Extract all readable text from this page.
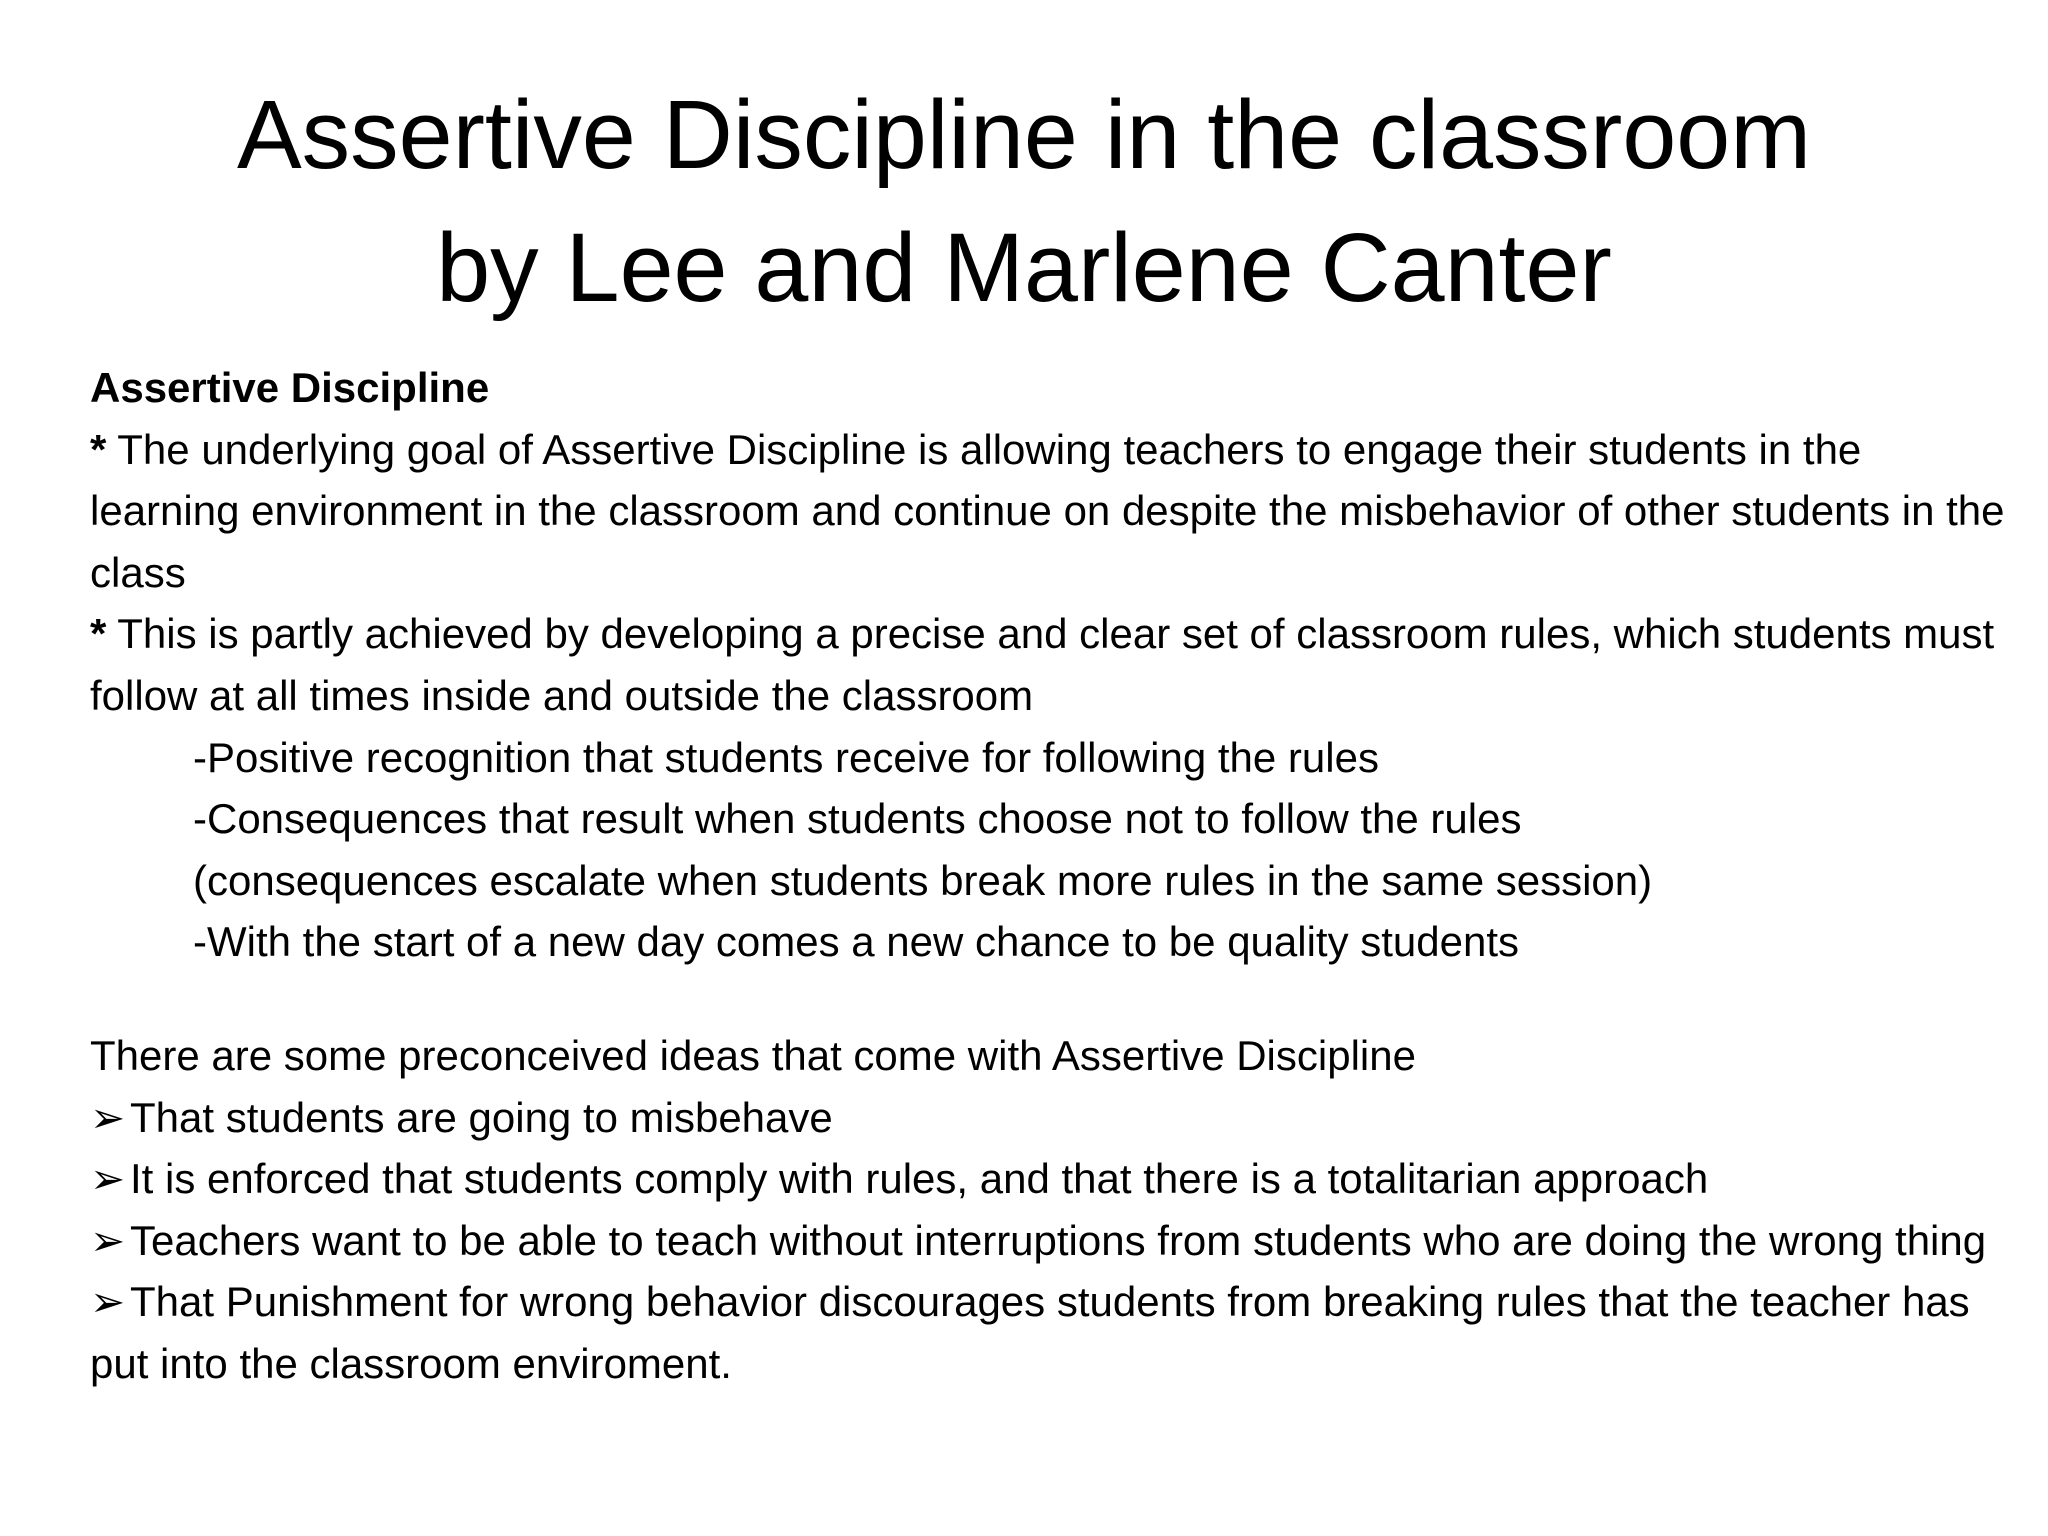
Assertive Discipline in the classroom
by Lee and Marlene Canter

Assertive Discipline

* The underlying goal of Assertive Discipline is allowing teachers to engage their students in the learning environment in the classroom and continue on despite the misbehavior of other students in the class

* This is partly achieved by developing a precise and clear set of classroom rules, which students must follow at all times inside and outside the classroom

-Positive recognition that students receive for following the rules

-Consequences that result when students choose not to follow the rules

(consequences escalate when students break more rules in the same session)

-With the start of a new day comes a new chance to be quality students

There are some preconceived ideas that come with Assertive Discipline

➢ That students are going to misbehave

➢ It is enforced that students comply with rules, and that there is a totalitarian approach

➢ Teachers want to be able to teach without interruptions from students who are doing the wrong thing

➢ That Punishment for wrong behavior discourages students from breaking rules that the teacher has put into the classroom enviroment.
